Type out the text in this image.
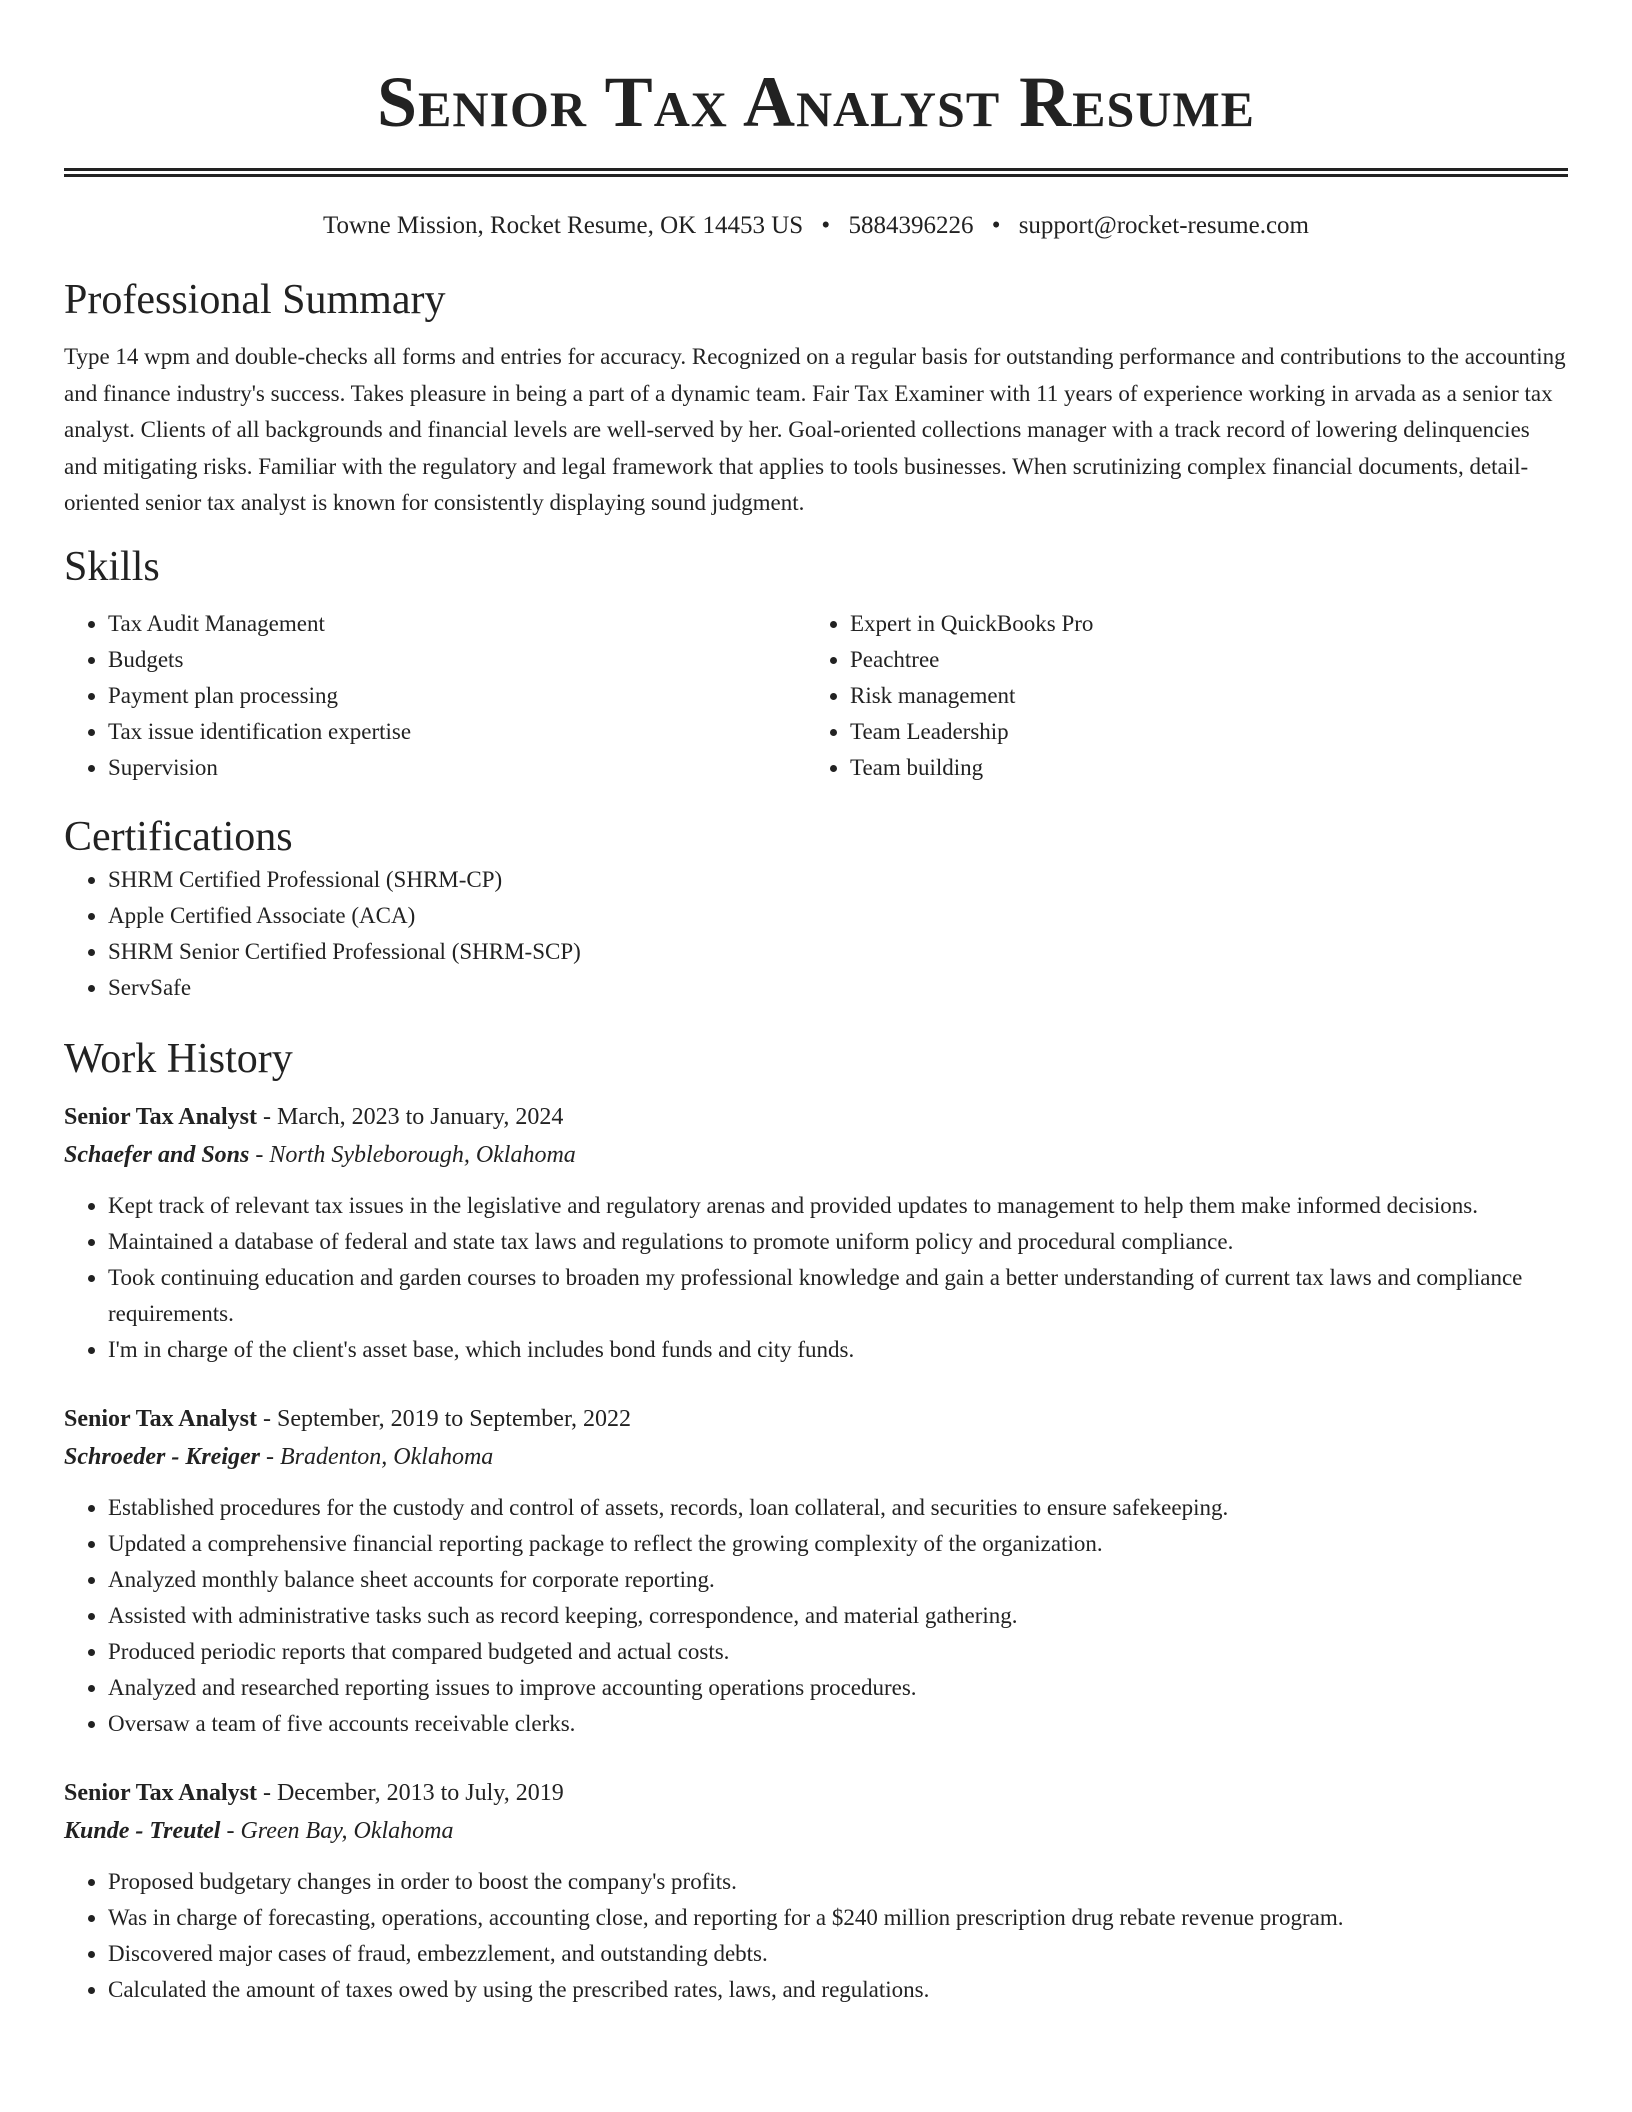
Senior Tax Analyst Resume
Towne Mission, Rocket Resume, OK 14453 US • 5884396226 • support@rocket-resume.com
Professional Summary
Type 14 wpm and double-checks all forms and entries for accuracy. Recognized on a regular basis for outstanding performance and contributions to the accounting and finance industry's success. Takes pleasure in being a part of a dynamic team. Fair Tax Examiner with 11 years of experience working in arvada as a senior tax analyst. Clients of all backgrounds and financial levels are well-served by her. Goal-oriented collections manager with a track record of lowering delinquencies and mitigating risks. Familiar with the regulatory and legal framework that applies to tools businesses. When scrutinizing complex financial documents, detail-oriented senior tax analyst is known for consistently displaying sound judgment.
Skills
• Tax Audit Management
• Budgets
• Payment plan processing
• Tax issue identification expertise
• Supervision
• Expert in QuickBooks Pro
• Peachtree
• Risk management
• Team Leadership
• Team building
Certifications
• SHRM Certified Professional (SHRM-CP)
• Apple Certified Associate (ACA)
• SHRM Senior Certified Professional (SHRM-SCP)
• ServSafe
Work History
Senior Tax Analyst - March, 2023 to January, 2024
Schaefer and Sons - North Sybleborough, Oklahoma
• Kept track of relevant tax issues in the legislative and regulatory arenas and provided updates to management to help them make informed decisions.
• Maintained a database of federal and state tax laws and regulations to promote uniform policy and procedural compliance.
• Took continuing education and garden courses to broaden my professional knowledge and gain a better understanding of current tax laws and compliance requirements.
• I'm in charge of the client's asset base, which includes bond funds and city funds.
Senior Tax Analyst - September, 2019 to September, 2022
Schroeder - Kreiger - Bradenton, Oklahoma
• Established procedures for the custody and control of assets, records, loan collateral, and securities to ensure safekeeping.
• Updated a comprehensive financial reporting package to reflect the growing complexity of the organization.
• Analyzed monthly balance sheet accounts for corporate reporting.
• Assisted with administrative tasks such as record keeping, correspondence, and material gathering.
• Produced periodic reports that compared budgeted and actual costs.
• Analyzed and researched reporting issues to improve accounting operations procedures.
• Oversaw a team of five accounts receivable clerks.
Senior Tax Analyst - December, 2013 to July, 2019
Kunde - Treutel - Green Bay, Oklahoma
• Proposed budgetary changes in order to boost the company's profits.
• Was in charge of forecasting, operations, accounting close, and reporting for a $240 million prescription drug rebate revenue program.
• Discovered major cases of fraud, embezzlement, and outstanding debts.
• Calculated the amount of taxes owed by using the prescribed rates, laws, and regulations.
